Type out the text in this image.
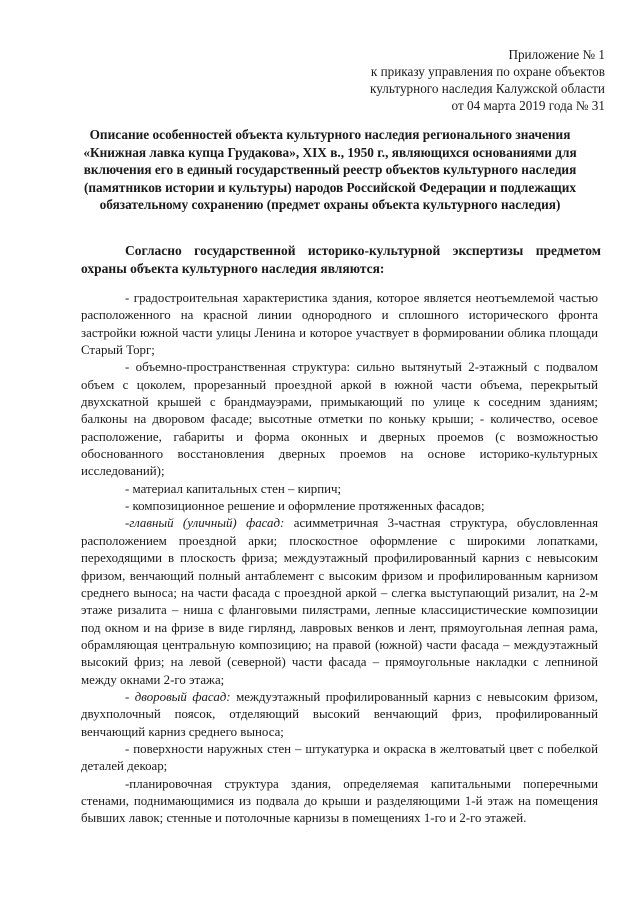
Приложение № 1
к приказу управления по охране объектов
культурного наследия Калужской области
от 04 марта 2019 года № 31
Описание особенностей объекта культурного наследия регионального значения «Книжная лавка купца Грудакова», XIX в., 1950 г., являющихся основаниями для включения его в единый государственный реестр объектов культурного наследия (памятников истории и культуры) народов Российской Федерации и подлежащих обязательному сохранению (предмет охраны объекта культурного наследия)
Согласно государственной историко-культурной экспертизы предметом охраны объекта культурного наследия являются:

- градостроительная характеристика здания, которое является неотъемлемой частью расположенного на красной линии однородного и сплошного исторического фронта застройки южной части улицы Ленина и которое участвует в формировании облика площади Старый Торг;

- объемно-пространственная структура: сильно вытянутый 2-этажный с подвалом объем с цоколем, прорезанный проездной аркой в южной части объема, перекрытый двухскатной крышей с брандмауэрами, примыкающий по улице к соседним зданиям; балконы на дворовом фасаде; высотные отметки по коньку крыши; - количество, осевое расположение, габариты и форма оконных и дверных проемов (с возможностью обоснованного восстановления дверных проемов на основе историко-культурных исследований);

- материал капитальных стен – кирпич;

- композиционное решение и оформление протяженных фасадов;

-главный (уличный) фасад: асимметричная 3-частная структура, обусловленная расположением проездной арки; плоскостное оформление с широкими лопатками, переходящими в плоскость фриза; междуэтажный профилированный карниз с невысоким фризом, венчающий полный антаблемент с высоким фризом и профилированным карнизом среднего выноса; на части фасада с проездной аркой – слегка выступающий ризалит, на 2-м этаже ризалита – ниша с фланговыми пилястрами, лепные классицистические композиции под окном и на фризе в виде гирлянд, лавровых венков и лент, прямоугольная лепная рама, обрамляющая центральную композицию; на правой (южной) части фасада – междуэтажный высокий фриз; на левой (северной) части фасада – прямоугольные накладки с лепниной между окнами 2-го этажа;

- дворовый фасад: междуэтажный профилированный карниз с невысоким фризом, двухполочный поясок, отделяющий высокий венчающий фриз, профилированный венчающий карниз среднего выноса;

- поверхности наружных стен – штукатурка и окраска в желтоватый цвет с побелкой деталей декоар;

-планировочная структура здания, определяемая капитальными поперечными стенами, поднимающимися из подвала до крыши и разделяющими 1-й этаж на помещения бывших лавок; стенные и потолочные карнизы в помещениях 1-го и 2-го этажей.
